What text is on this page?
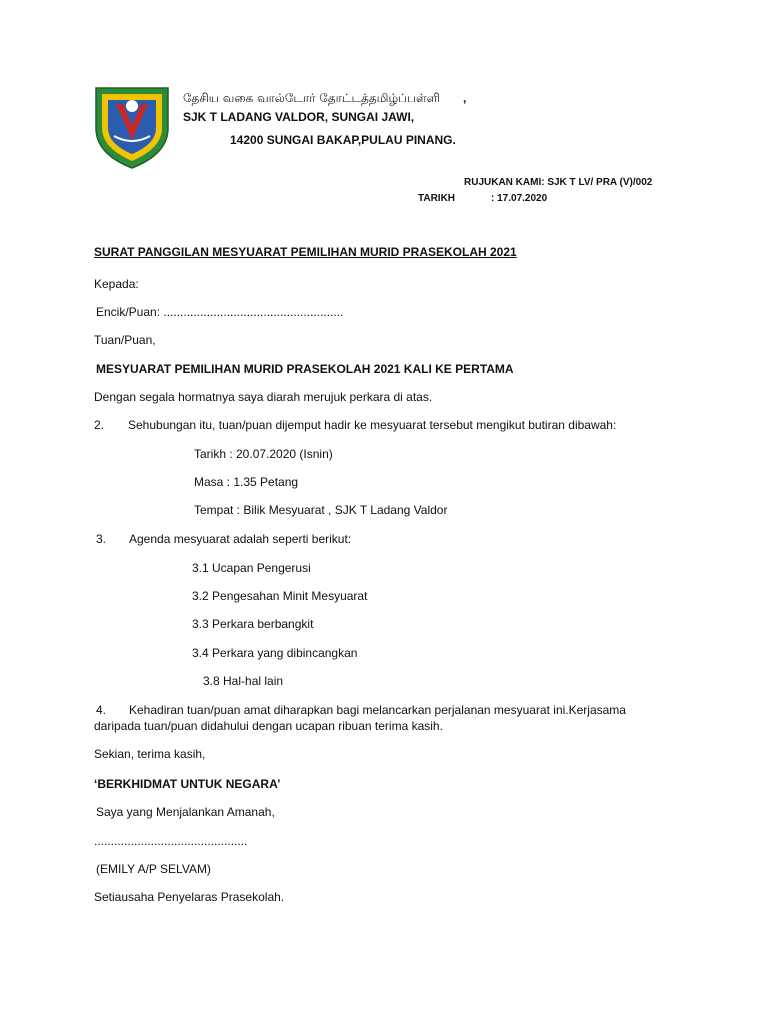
தேசிய வகை வால்டோர் தோட்டத்தமிழ்ப்பள்ளி ,
SJK T LADANG VALDOR, SUNGAI JAWI,
14200 SUNGAI BAKAP,PULAU PINANG.
RUJUKAN KAMI: SJK T LV/ PRA (V)/002
TARIKH	: 17.07.2020
SURAT PANGGILAN MESYUARAT PEMILIHAN MURID PRASEKOLAH 2021
Kepada:
Encik/Puan: ......................................................
Tuan/Puan,
MESYUARAT PEMILIHAN MURID PRASEKOLAH 2021 KALI KE PERTAMA
Dengan segala hormatnya saya diarah merujuk perkara di atas.
2. Sehubungan itu, tuan/puan dijemput hadir ke mesyuarat tersebut mengikut butiran dibawah:
Tarikh : 20.07.2020 (Isnin)
Masa : 1.35 Petang
Tempat : Bilik Mesyuarat , SJK T Ladang Valdor
3. Agenda mesyuarat adalah seperti berikut:
3.1 Ucapan Pengerusi
3.2 Pengesahan Minit Mesyuarat
3.3 Perkara berbangkit
3.4 Perkara yang dibincangkan
3.8 Hal-hal lain
4. Kehadiran tuan/puan amat diharapkan bagi melancarkan perjalanan mesyuarat ini.Kerjasama
daripada tuan/puan didahului dengan ucapan ribuan terima kasih.
Sekian, terima kasih,
‘BERKHIDMAT UNTUK NEGARA’
Saya yang Menjalankan Amanah,
..............................................
(EMILY A/P SELVAM)
Setiausaha Penyelaras Prasekolah.
